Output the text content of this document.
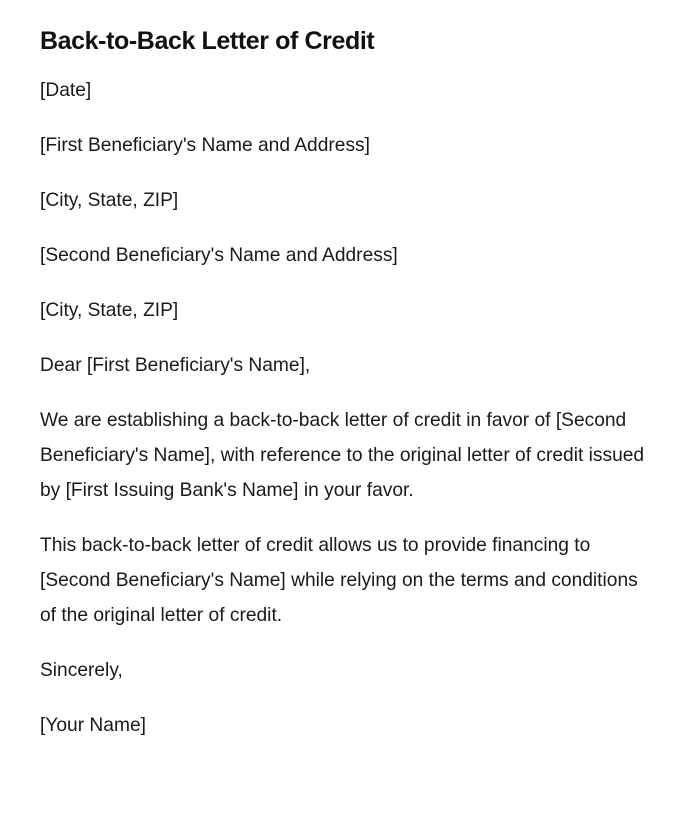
Back-to-Back Letter of Credit

[Date]

[First Beneficiary's Name and Address]

[City, State, ZIP]

[Second Beneficiary's Name and Address]

[City, State, ZIP]

Dear [First Beneficiary's Name],

We are establishing a back-to-back letter of credit in favor of [Second Beneficiary's Name], with reference to the original letter of credit issued by [First Issuing Bank's Name] in your favor.

This back-to-back letter of credit allows us to provide financing to [Second Beneficiary's Name] while relying on the terms and conditions of the original letter of credit.

Sincerely,

[Your Name]
